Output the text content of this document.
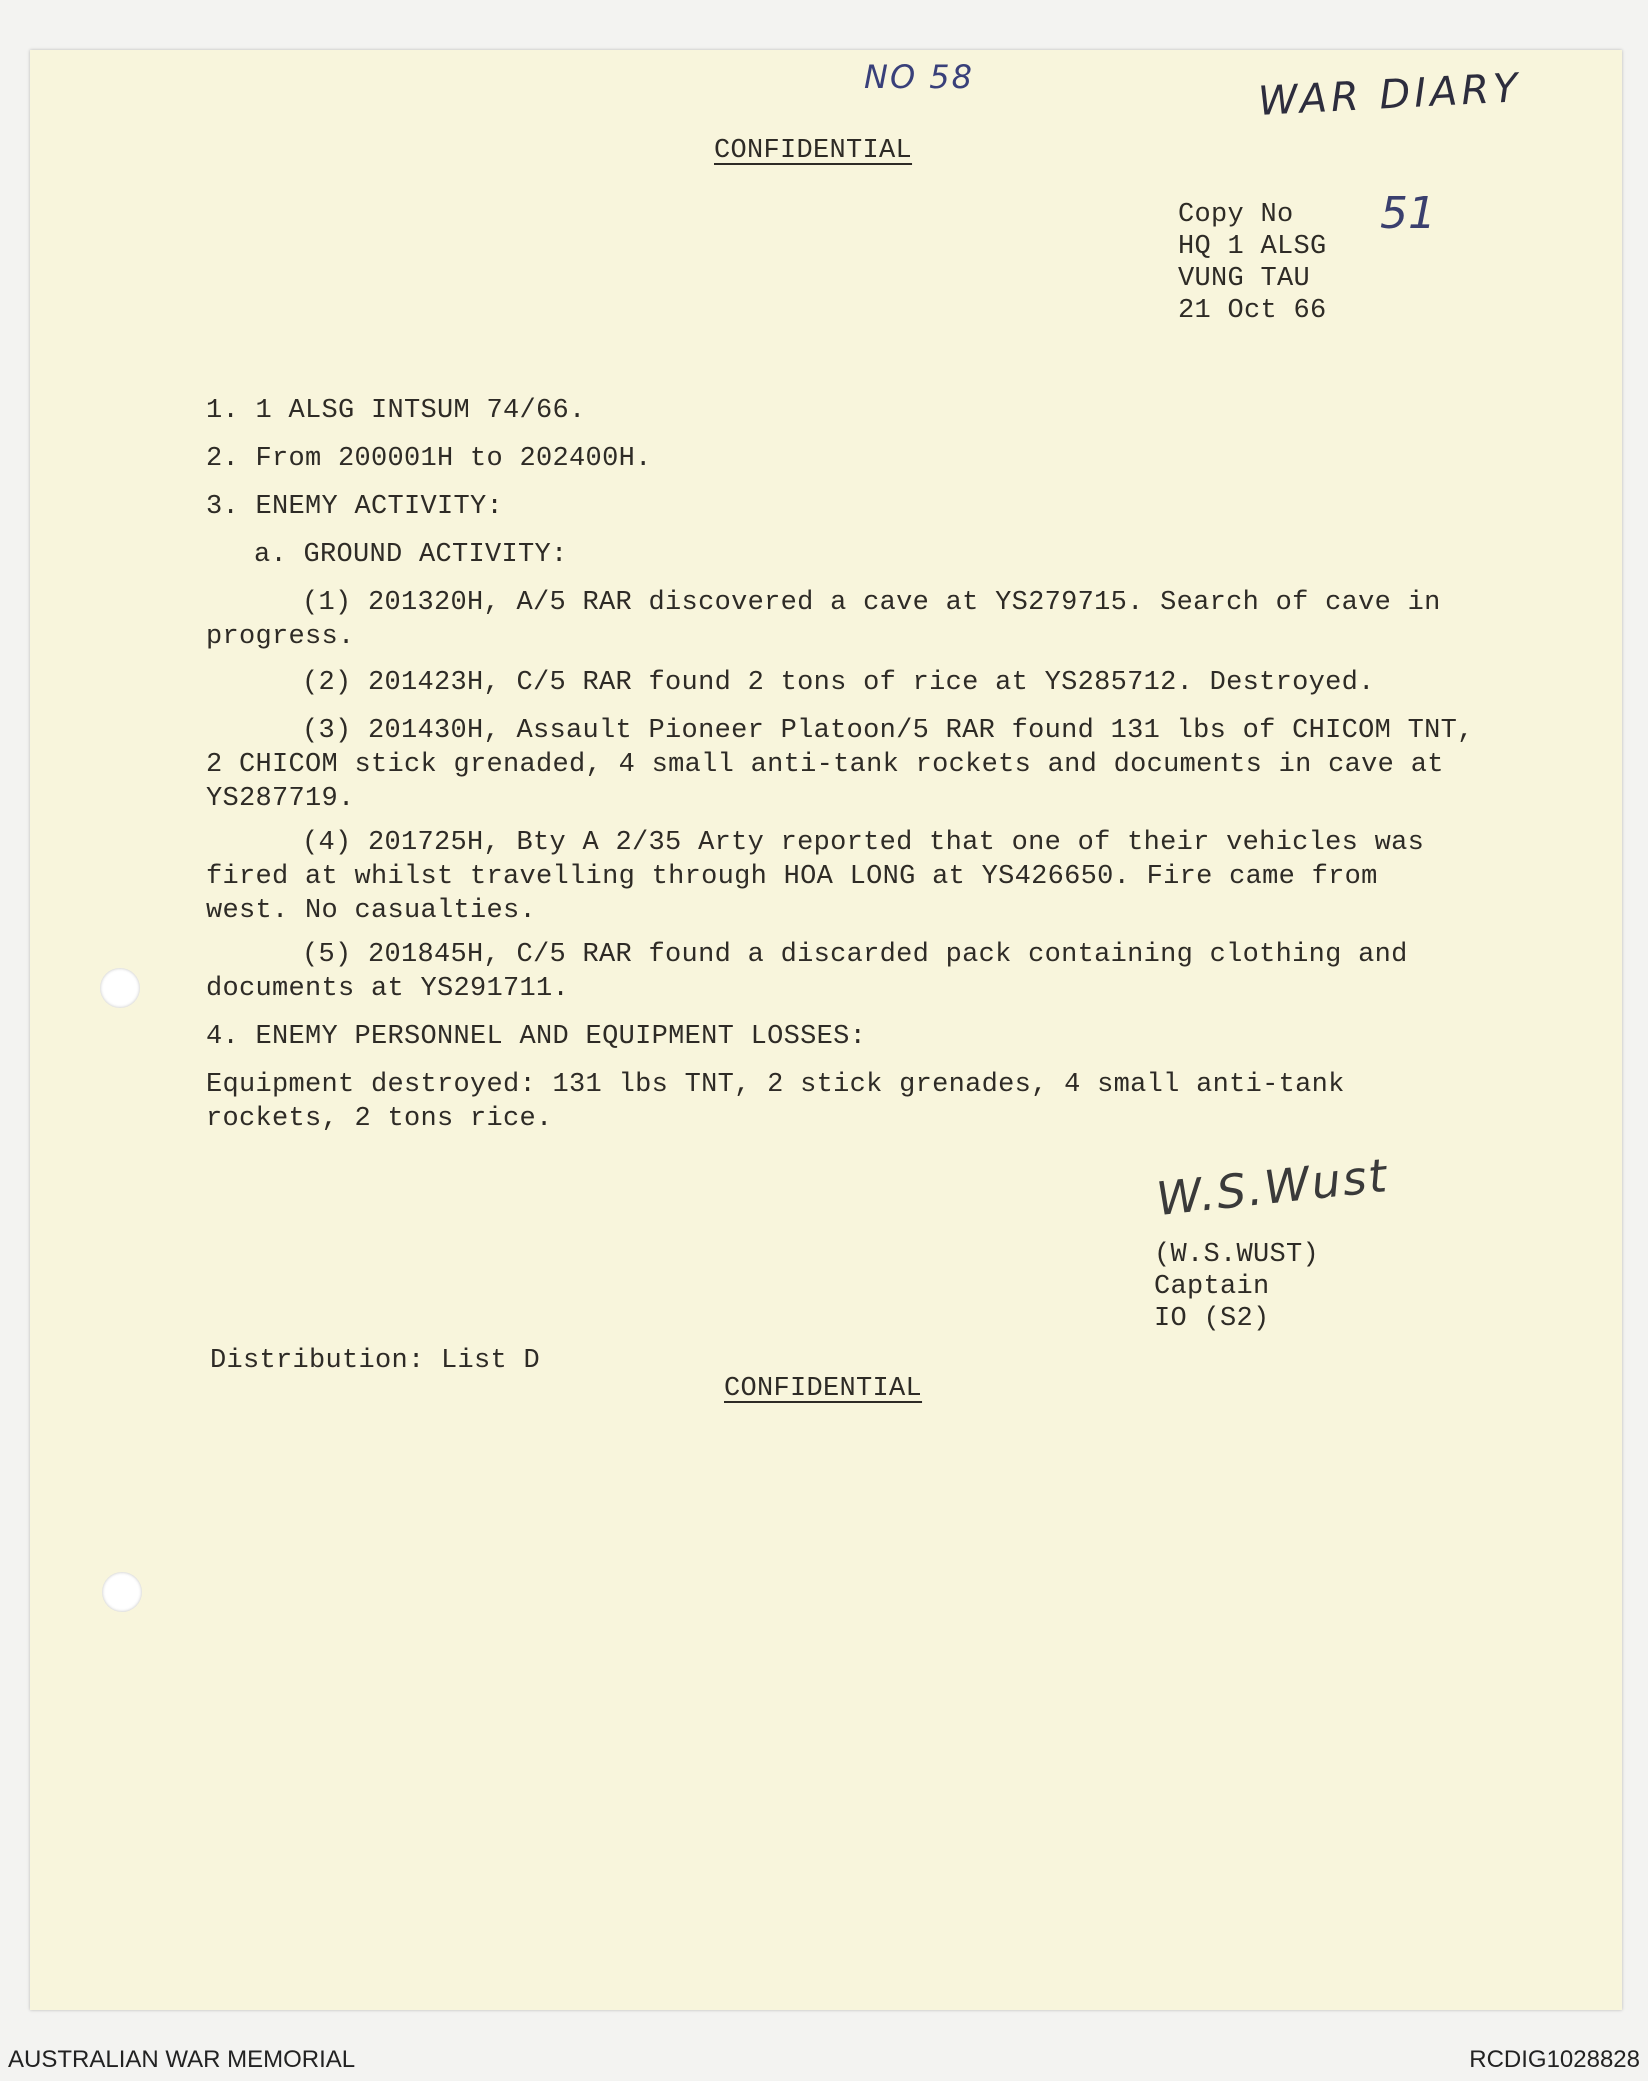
NO 58	WAR DIARY
51
CONFIDENTIAL
Copy No
HQ 1 ALSG
VUNG TAU
21 Oct 66
1. 1 ALSG INTSUM 74/66.
2. From 200001H to 202400H.
3. ENEMY ACTIVITY:
a. GROUND ACTIVITY:
(1) 201320H, A/5 RAR discovered a cave at YS279715. Search of cave in progress.
(2) 201423H, C/5 RAR found 2 tons of rice at YS285712. Destroyed.
(3) 201430H, Assault Pioneer Platoon/5 RAR found 131 lbs of CHICOM TNT, 2 CHICOM stick grenaded, 4 small anti-tank rockets and documents in cave at YS287719.
(4) 201725H, Bty A 2/35 Arty reported that one of their vehicles was fired at whilst travelling through HOA LONG at YS426650. Fire came from west. No casualties.
(5) 201845H, C/5 RAR found a discarded pack containing clothing and documents at YS291711.
4. ENEMY PERSONNEL AND EQUIPMENT LOSSES:
Equipment destroyed: 131 lbs TNT, 2 stick grenades, 4 small anti-tank rockets, 2 tons rice.
W.S.Wust
(W.S.WUST)
Captain
IO (S2)
Distribution: List D
CONFIDENTIAL
AUSTRALIAN WAR MEMORIAL	RCDIG1028828
